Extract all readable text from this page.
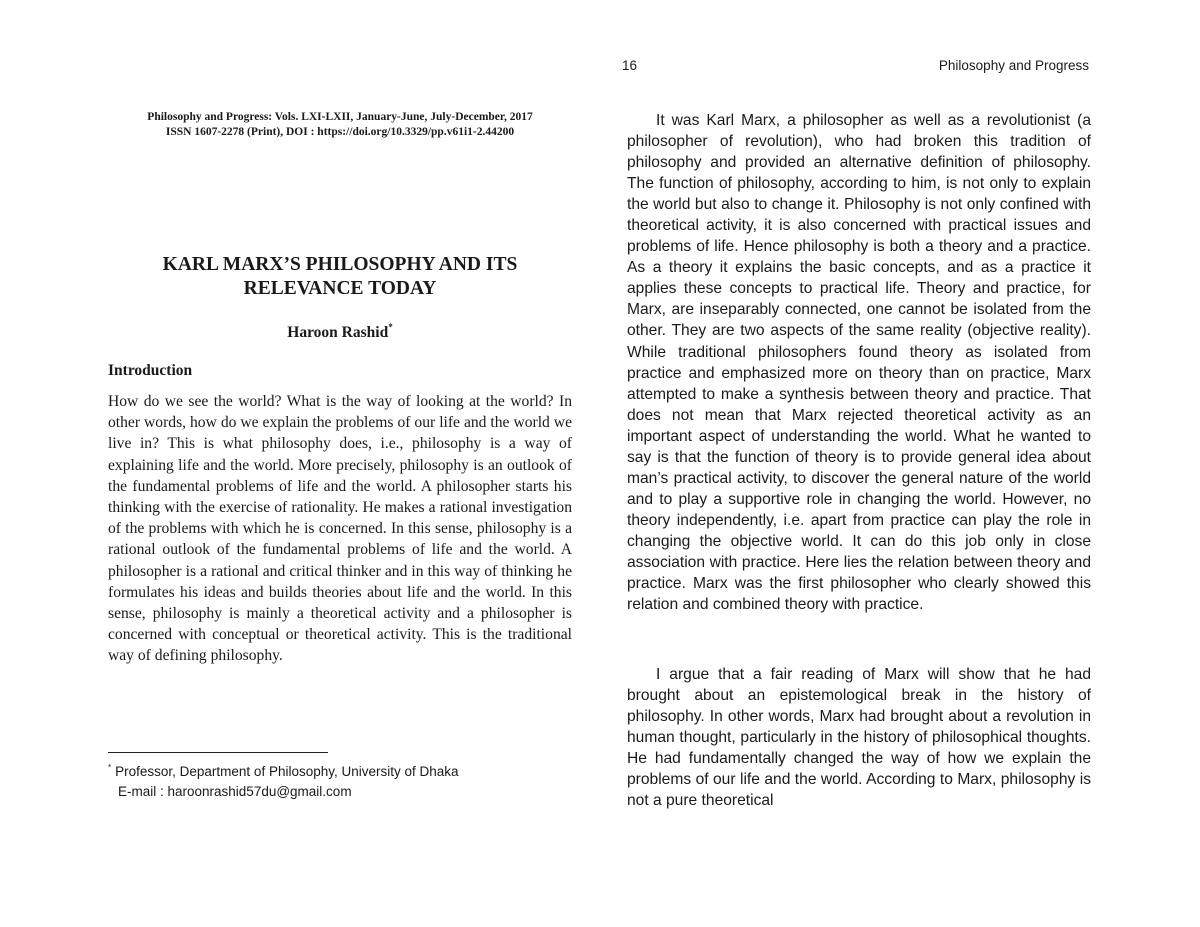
Philosophy and Progress: Vols. LXI-LXII, January-June, July-December, 2017
ISSN 1607-2278 (Print), DOI : https://doi.org/10.3329/pp.v61i1-2.44200
KARL MARX’S PHILOSOPHY AND ITS
RELEVANCE TODAY
Haroon Rashid*
Introduction

How do we see the world? What is the way of looking at the world? In other words, how do we explain the problems of our life and the world we live in? This is what philosophy does, i.e., philosophy is a way of explaining life and the world. More precisely, philosophy is an outlook of the fundamental problems of life and the world. A philosopher starts his thinking with the exercise of rationality. He makes a rational investigation of the problems with which he is concerned. In this sense, philosophy is a rational outlook of the fundamental problems of life and the world. A philosopher is a rational and critical thinker and in this way of thinking he formulates his ideas and builds theories about life and the world. In this sense, philosophy is mainly a theoretical activity and a philosopher is concerned with conceptual or theoretical activity. This is the traditional way of defining philosophy.

* Professor, Department of Philosophy, University of Dhaka
E-mail : haroonrashid57du@gmail.com
16	Philosophy and Progress

It was Karl Marx, a philosopher as well as a revolutionist (a philosopher of revolution), who had broken this tradition of philosophy and provided an alternative definition of philosophy. The function of philosophy, according to him, is not only to explain the world but also to change it. Philosophy is not only confined with theoretical activity, it is also concerned with practical issues and problems of life. Hence philosophy is both a theory and a practice. As a theory it explains the basic concepts, and as a practice it applies these concepts to practical life. Theory and practice, for Marx, are inseparably connected, one cannot be isolated from the other. They are two aspects of the same reality (objective reality). While traditional philosophers found theory as isolated from practice and emphasized more on theory than on practice, Marx attempted to make a synthesis between theory and practice. That does not mean that Marx rejected theoretical activity as an important aspect of understanding the world. What he wanted to say is that the function of theory is to provide general idea about man’s practical activity, to discover the general nature of the world and to play a supportive role in changing the world. However, no theory independently, i.e. apart from practice can play the role in changing the objective world. It can do this job only in close association with practice. Here lies the relation between theory and practice. Marx was the first philosopher who clearly showed this relation and combined theory with practice.

I argue that a fair reading of Marx will show that he had brought about an epistemological break in the history of philosophy. In other words, Marx had brought about a revolution in human thought, particularly in the history of philosophical thoughts. He had fundamentally changed the way of how we explain the problems of our life and the world. According to Marx, philosophy is not a pure theoretical
